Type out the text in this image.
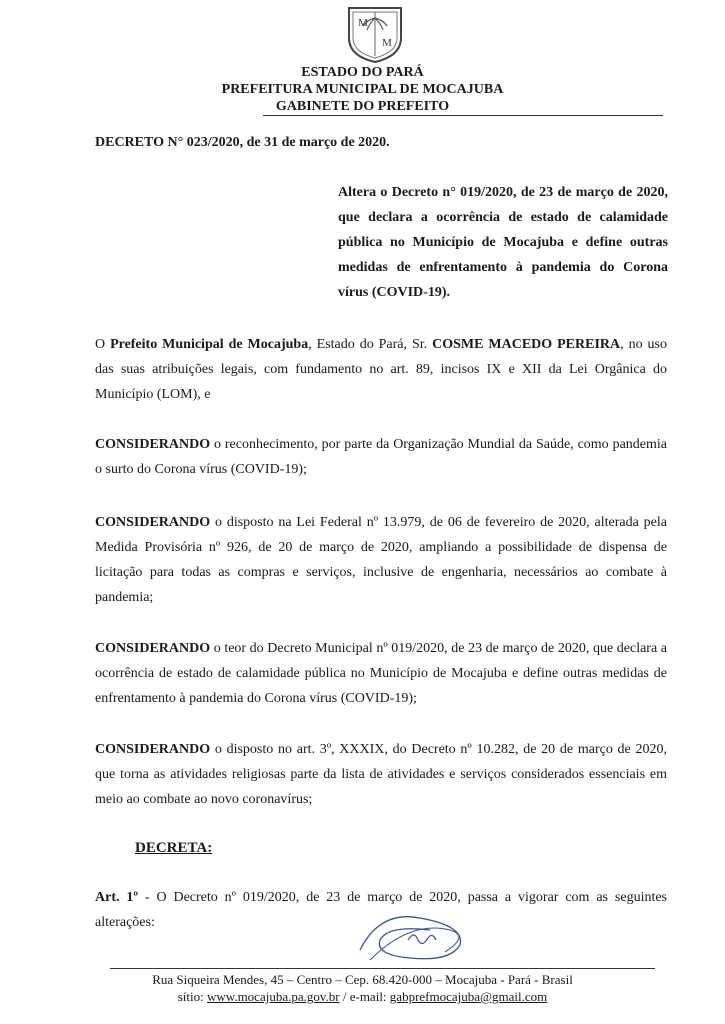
M
M
ESTADO DO PARÁ
PREFEITURA MUNICIPAL DE MOCAJUBA
GABINETE DO PREFEITO
DECRETO N° 023/2020, de 31 de março de 2020.
Altera o Decreto n° 019/2020, de 23 de março de 2020, que declara a ocorrência de estado de calamidade pública no Município de Mocajuba e define outras medidas de enfrentamento à pandemia do Corona vírus (COVID-19).
O Prefeito Municipal de Mocajuba, Estado do Pará, Sr. COSME MACEDO PEREIRA, no uso das suas atribuições legais, com fundamento no art. 89, incisos IX e XII da Lei Orgânica do Município (LOM), e
CONSIDERANDO o reconhecimento, por parte da Organização Mundial da Saúde, como pandemia o surto do Corona vírus (COVID-19);
CONSIDERANDO o disposto na Lei Federal nº 13.979, de 06 de fevereiro de 2020, alterada pela Medida Provisória nº 926, de 20 de março de 2020, ampliando a possibilidade de dispensa de licitação para todas as compras e serviços, inclusive de engenharia, necessários ao combate à pandemia;
CONSIDERANDO o teor do Decreto Municipal nº 019/2020, de 23 de março de 2020, que declara a ocorrência de estado de calamidade pública no Município de Mocajuba e define outras medidas de enfrentamento à pandemia do Corona vírus (COVID-19);
CONSIDERANDO o disposto no art. 3º, XXXIX, do Decreto nº 10.282, de 20 de março de 2020, que torna as atividades religiosas parte da lista de atividades e serviços considerados essenciais em meio ao combate ao novo coronavírus;
DECRETA:
Art. 1º - O Decreto nº 019/2020, de 23 de março de 2020, passa a vigorar com as seguintes alterações:
Rua Siqueira Mendes, 45 – Centro – Cep. 68.420-000 – Mocajuba - Pará - Brasil
sítio: www.mocajuba.pa.gov.br / e-mail: gabprefmocajuba@gmail.com
